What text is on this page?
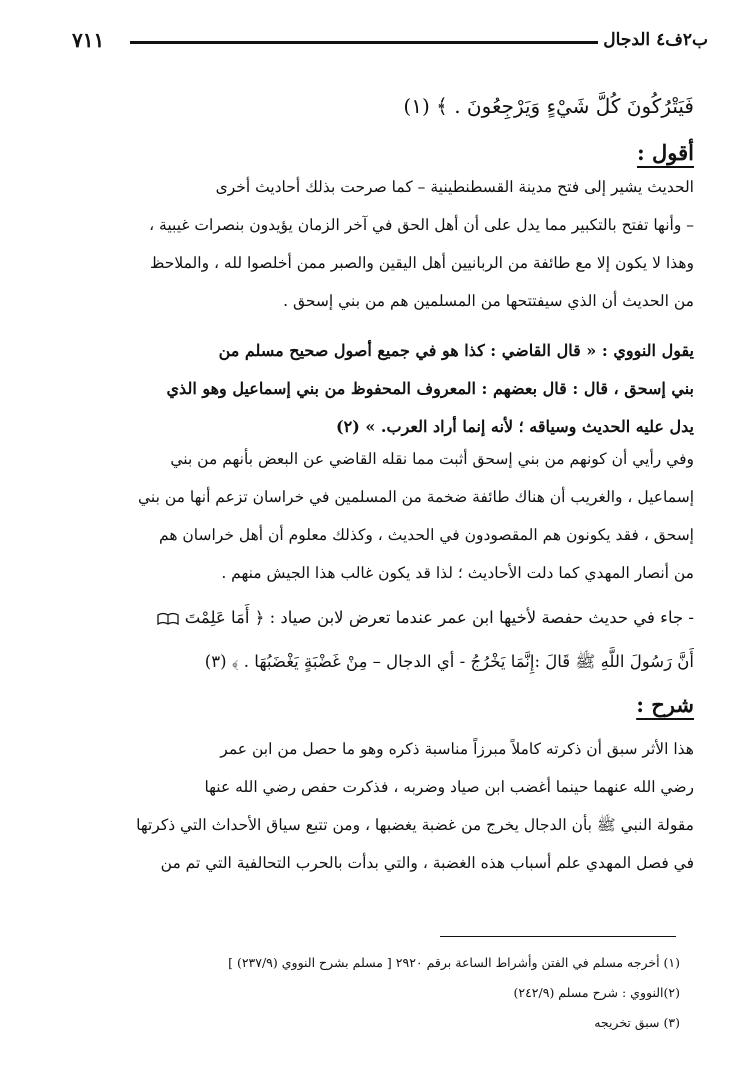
ب٢ف٤ الدجال
٧١١
فَيَتْرُكُونَ كُلَّ شَيْءٍ وَيَرْجِعُونَ . ﴾ (١)
أقول :
الحديث يشير إلى فتح مدينة القسطنطينية – كما صرحت بذلك أحاديث أخرى
– وأنها تفتح بالتكبير مما يدل على أن أهل الحق في آخر الزمان يؤيدون بنصرات غيبية ،
وهذا لا يكون إلا مع طائفة من الربانيين أهل اليقين والصبر ممن أخلصوا لله ، والملاحظ
من الحديث أن الذي سيفتتحها من المسلمين هم من بني إسحق .
يقول النووي : « قال القاضي : كذا هو في جميع أصول صحيح مسلم من
بني إسحق ، قال : قال بعضهم : المعروف المحفوظ من بني إسماعيل وهو الذي
يدل عليه الحديث وسياقه ؛ لأنه إنما أراد العرب. » (٢)
وفي رأيي أن كونهم من بني إسحق أثبت مما نقله القاضي عن البعض بأنهم من بني
إسماعيل ، والغريب أن هناك طائفة ضخمة من المسلمين في خراسان تزعم أنها من بني
إسحق ، فقد يكونون هم المقصودون في الحديث ، وكذلك معلوم أن أهل خراسان هم
من أنصار المهدي كما دلت الأحاديث ؛ لذا قد يكون غالب هذا الجيش منهم .
- جاء في حديث حفصة لأخيها ابن عمر عندما تعرض لابن صياد : ﴿ أَمَا عَلِمْتَ
أَنَّ رَسُولَ اللَّهِ ﷺ قَالَ :إِنَّمَا يَخْرُجُ - أي الدجال – مِنْ غَضْبَةٍ يَغْضَبُهَا . ﴾ (٣)
شرح :
هذا الأثر سبق أن ذكرته كاملاً مبرزاً مناسبة ذكره وهو ما حصل من ابن عمر
رضي الله عنهما حينما أغضب ابن صياد وضربه ، فذكرت حفص رضي الله عنها
مقولة النبي ﷺ بأن الدجال يخرج من غضبة يغضبها ، ومن تتبع سياق الأحداث التي ذكرتها
في فصل المهدي علم أسباب هذه الغضبة ، والتي بدأت بالحرب التحالفية التي تم من
(١) أخرجه مسلم في الفتن وأشراط الساعة برقم ٢٩٢٠ [ مسلم بشرح النووي (٢٣٧/٩) ]
(٢)النووي : شرح مسلم (٢٤٢/٩)
(٣) سبق تخريجه
